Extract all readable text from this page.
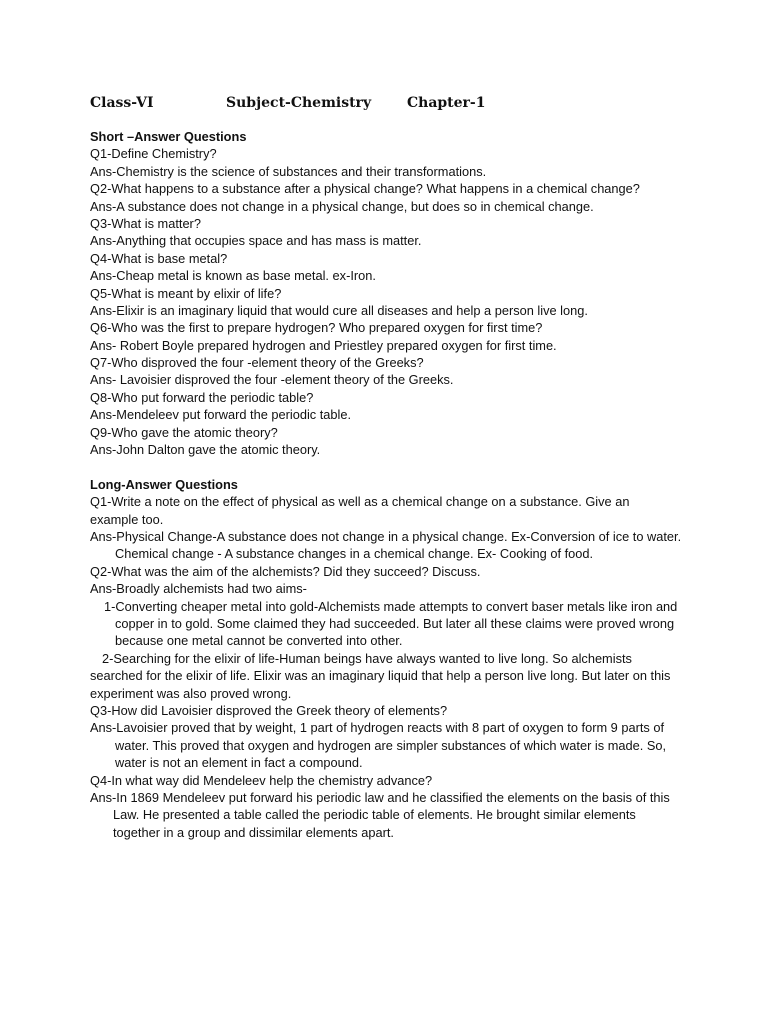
Class-VI	Subject-Chemistry	Chapter-1
Short –Answer Questions
Q1-Define Chemistry?
Ans-Chemistry is the science of substances and their transformations.
Q2-What happens to a substance after a physical change? What happens in a chemical change?
Ans-A substance does not change in a physical change, but does so in chemical change.
Q3-What is matter?
Ans-Anything that occupies space and has mass is matter.
Q4-What is base metal?
Ans-Cheap metal is known as base metal. ex-Iron.
Q5-What is meant by elixir of life?
Ans-Elixir is an imaginary liquid that would cure all diseases and help a person live long.
Q6-Who was the first to prepare hydrogen? Who prepared oxygen for first time?
Ans- Robert Boyle prepared hydrogen and Priestley prepared oxygen for first time.
Q7-Who disproved the four -element theory of the Greeks?
Ans- Lavoisier disproved the four -element theory of the Greeks.
Q8-Who put forward the periodic table?
Ans-Mendeleev put forward the periodic table.
Q9-Who gave the atomic theory?
Ans-John Dalton gave the atomic theory.
Long-Answer Questions
Q1-Write a note on the effect of physical as well as a chemical change on a substance. Give an example too.
Ans-Physical Change-A substance does not change in a physical change. Ex-Conversion of ice to water.
Chemical change - A substance changes in a chemical change. Ex- Cooking of food.
Q2-What was the aim of the alchemists? Did they succeed? Discuss.
Ans-Broadly alchemists had two aims-
1-Converting cheaper metal into gold-Alchemists made attempts to convert baser metals like iron and copper in to gold. Some claimed they had succeeded. But later all these claims were proved wrong because one metal cannot be converted into other.
2-Searching for the elixir of life-Human beings have always wanted to live long. So alchemists searched for the elixir of life. Elixir was an imaginary liquid that help a person live long. But later on this experiment was also proved wrong.
Q3-How did Lavoisier disproved the Greek theory of elements?
Ans-Lavoisier proved that by weight, 1 part of hydrogen reacts with 8 part of oxygen to form 9 parts of water. This proved that oxygen and hydrogen are simpler substances of which water is made. So, water is not an element in fact a compound.
Q4-In what way did Mendeleev help the chemistry advance?
Ans-In 1869 Mendeleev put forward his periodic law and he classified the elements on the basis of this Law. He presented a table called the periodic table of elements. He brought similar elements together in a group and dissimilar elements apart.
